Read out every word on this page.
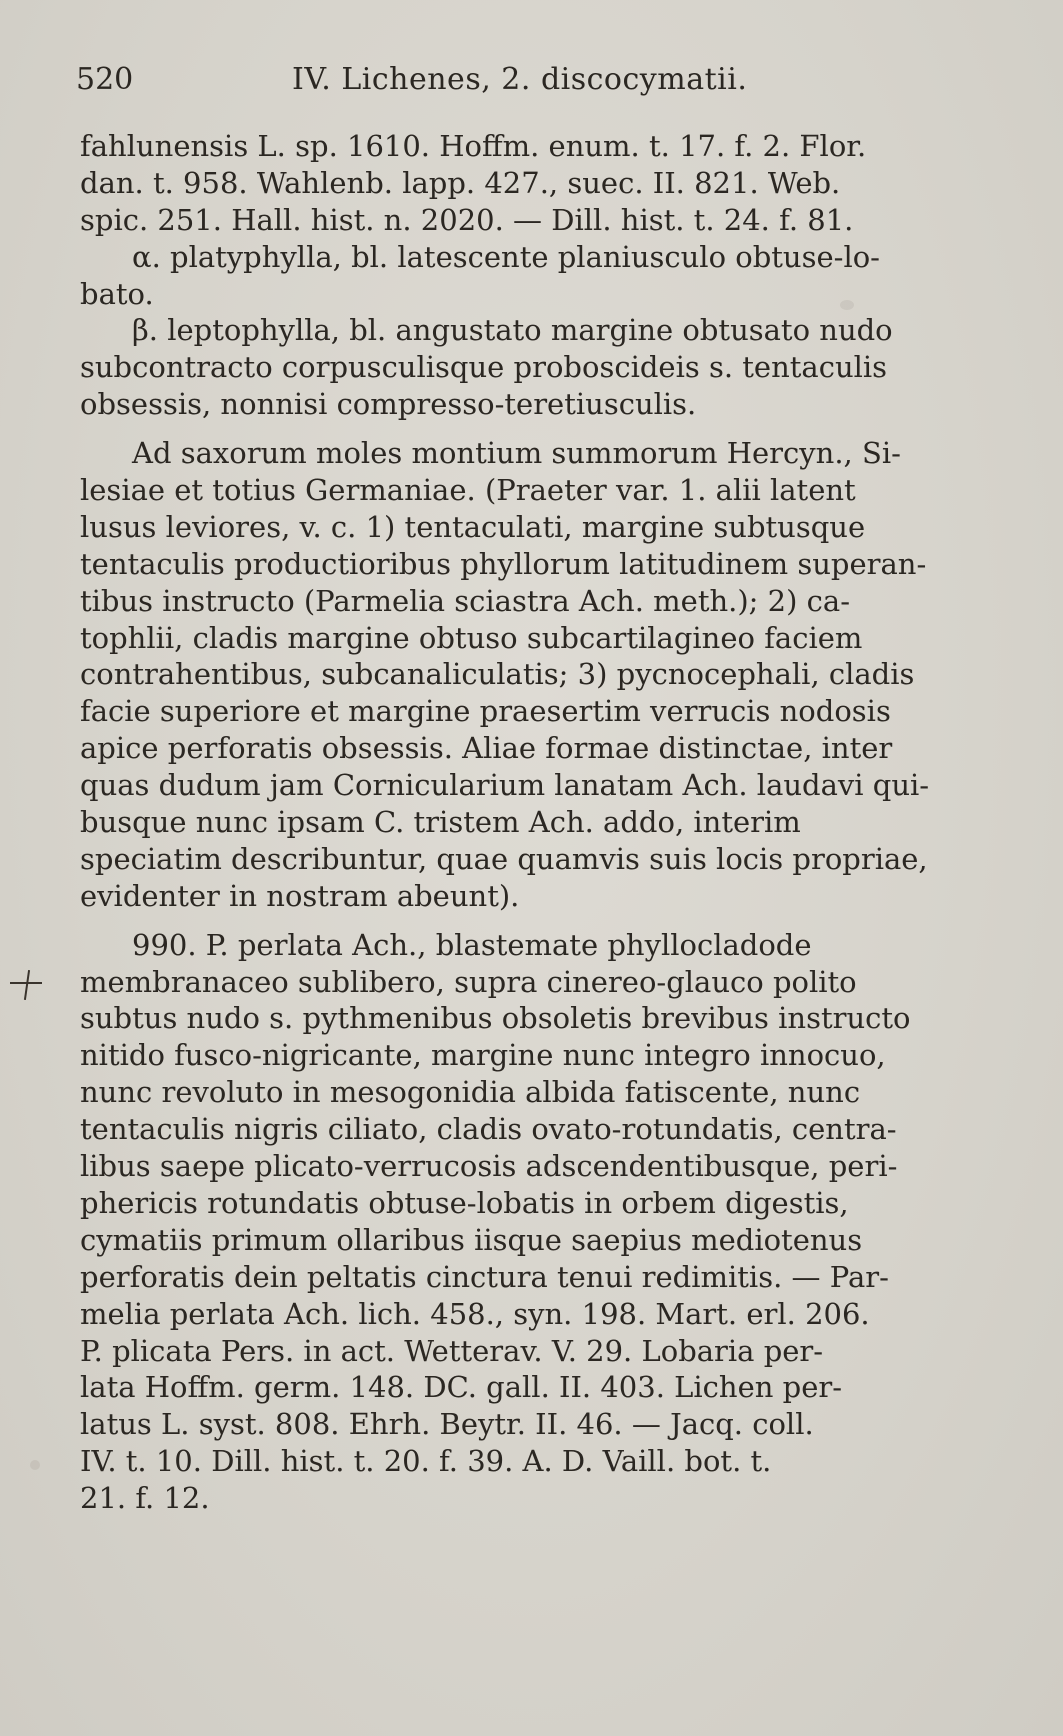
520	IV. Lichenes, 2. discocymatii.
fahlunensis L. sp. 1610. Hoffm. enum. t. 17. f. 2. Flor.
dan. t. 958. Wahlenb. lapp. 427., suec. II. 821. Web.
spic. 251. Hall. hist. n. 2020. — Dill. hist. t. 24. f. 81.
α. platyphylla, bl. latescente planiusculo obtuse-lo-
bato.
β. leptophylla, bl. angustato margine obtusato nudo
subcontracto corpusculisque proboscideis s. tentaculis
obsessis, nonnisi compresso-teretiusculis.
Ad saxorum moles montium summorum Hercyn., Si-
lesiae et totius Germaniae. (Praeter var. 1. alii latent
lusus leviores, v. c. 1) tentaculati, margine subtusque
tentaculis productioribus phyllorum latitudinem superan-
tibus instructo (Parmelia sciastra Ach. meth.); 2) ca-
tophlii, cladis margine obtuso subcartilagineo faciem
contrahentibus, subcanaliculatis; 3) pycnocephali, cladis
facie superiore et margine praesertim verrucis nodosis
apice perforatis obsessis. Aliae formae distinctae, inter
quas dudum jam Cornicularium lanatam Ach. laudavi qui-
busque nunc ipsam C. tristem Ach. addo, interim
speciatim describuntur, quae quamvis suis locis propriae,
evidenter in nostram abeunt).
990. P. perlata Ach., blastemate phyllocladode
membranaceo sublibero, supra cinereo-glauco polito
subtus nudo s. pythmenibus obsoletis brevibus instructo
nitido fusco-nigricante, margine nunc integro innocuo,
nunc revoluto in mesogonidia albida fatiscente, nunc
tentaculis nigris ciliato, cladis ovato-rotundatis, centra-
libus saepe plicato-verrucosis adscendentibusque, peri-
phericis rotundatis obtuse-lobatis in orbem digestis,
cymatiis primum ollaribus iisque saepius mediotenus
perforatis dein peltatis cinctura tenui redimitis. — Par-
melia perlata Ach. lich. 458., syn. 198. Mart. erl. 206.
P. plicata Pers. in act. Wetterav. V. 29. Lobaria per-
lata Hoffm. germ. 148. DC. gall. II. 403. Lichen per-
latus L. syst. 808. Ehrh. Beytr. II. 46. — Jacq. coll.
IV. t. 10. Dill. hist. t. 20. f. 39. A. D. Vaill. bot. t.
21. f. 12.
